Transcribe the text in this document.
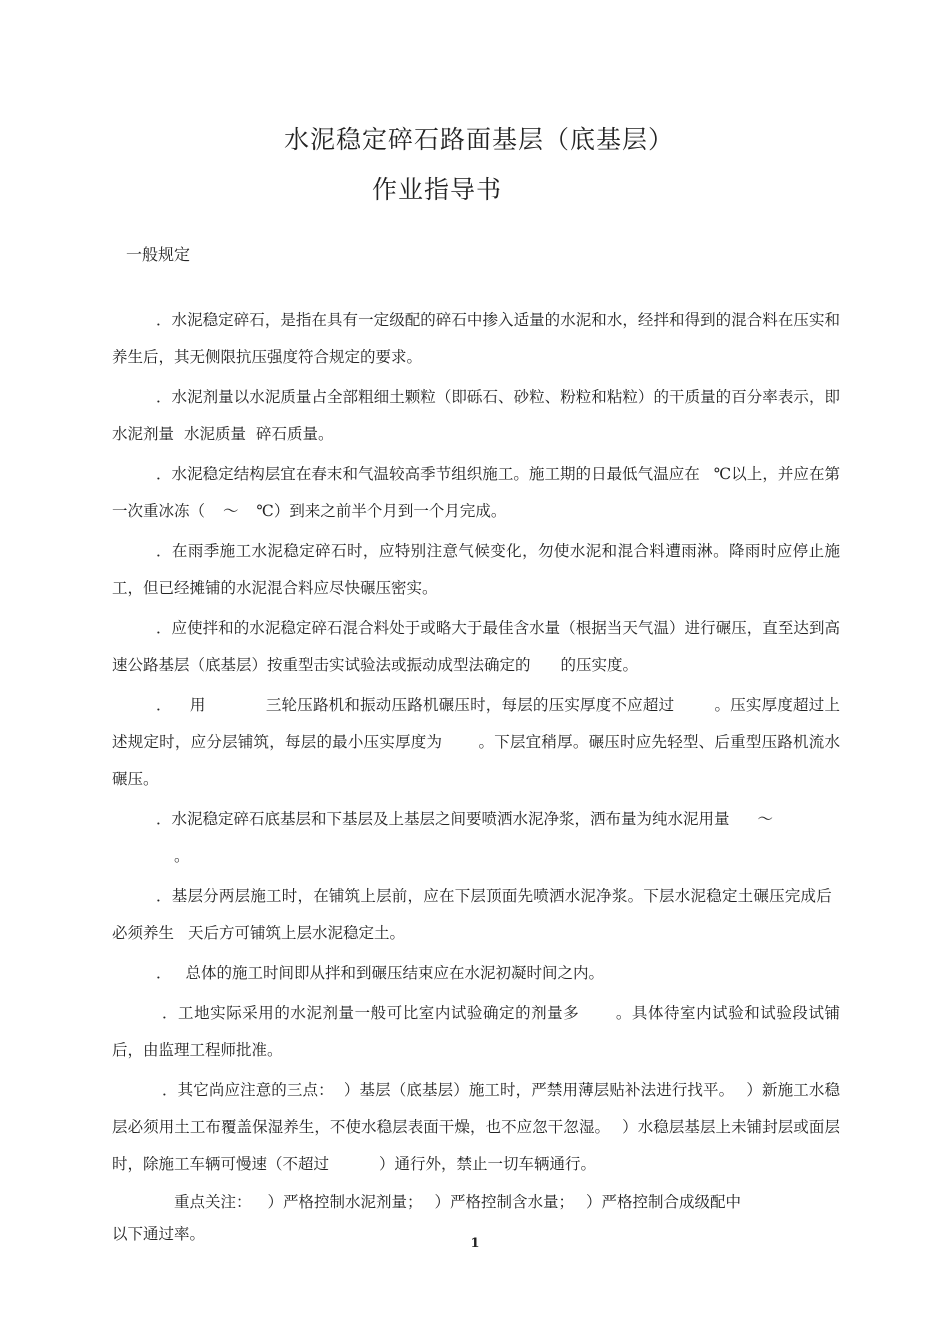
水泥稳定碎石路面基层（底基层）
作业指导书
一般规定

．水泥稳定碎石，是指在具有一定级配的碎石中掺入适量的水泥和水，经拌和得到的混合料在压实和养生后，其无侧限抗压强度符合规定的要求。

．水泥剂量以水泥质量占全部粗细土颗粒（即砾石、砂粒、粉粒和粘粒）的干质量的百分率表示，即水泥剂量 水泥质量 碎石质量。

．水泥稳定结构层宜在春末和气温较高季节组织施工。施工期的日最低气温应在 ℃以上，并应在第一次重冰冻（ ～ ℃）到来之前半个月到一个月完成。

．在雨季施工水泥稳定碎石时，应特别注意气候变化，勿使水泥和混合料遭雨淋。降雨时应停止施工，但已经摊铺的水泥混合料应尽快碾压密实。

．应使拌和的水泥稳定碎石混合料处于或略大于最佳含水量（根据当天气温）进行碾压，直至达到高速公路基层（底基层）按重型击实试验法或振动成型法确定的 的压实度。

． 用	三轮压路机和振动压路机碾压时，每层的压实厚度不应超过	。压实厚度超过上述规定时，应分层铺筑，每层的最小压实厚度为 。下层宜稍厚。碾压时应先轻型、后重型压路机流水碾压。

．水泥稳定碎石底基层和下基层及上基层之间要喷洒水泥净浆，洒布量为纯水泥用量 ～
。

．基层分两层施工时，在铺筑上层前，应在下层顶面先喷洒水泥净浆。下层水泥稳定土碾压完成后必须养生 天后方可铺筑上层水泥稳定土。

． 总体的施工时间即从拌和到碾压结束应在水泥初凝时间之内。

．工地实际采用的水泥剂量一般可比室内试验确定的剂量多 。具体待室内试验和试验段试铺后，由监理工程师批准。

．其它尚应注意的三点： ）基层（底基层）施工时，严禁用薄层贴补法进行找平。 ）新施工水稳层必须用土工布覆盖保湿养生，不使水稳层表面干燥，也不应忽干忽湿。 ）水稳层基层上未铺封层或面层时，除施工车辆可慢速（不超过	）通行外，禁止一切车辆通行。

重点关注： ）严格控制水泥剂量； ）严格控制含水量； ）严格控制合成级配中
以下通过率。

1
